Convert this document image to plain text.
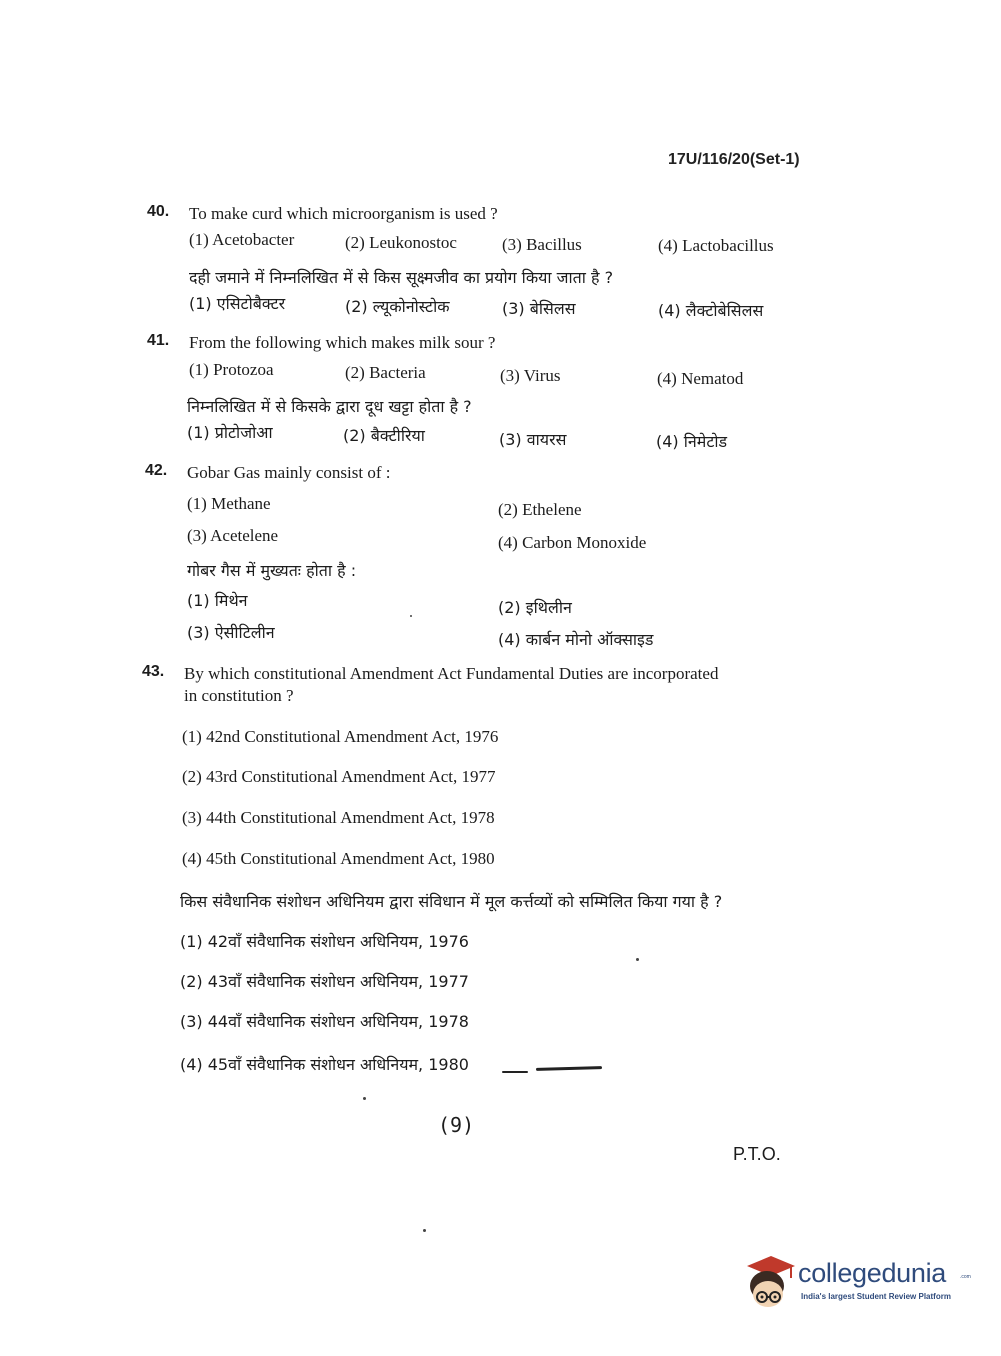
17U/116/20(Set-1)
40. To make curd which microorganism is used ?
(1) Acetobacter	(2) Leukonostoc	(3) Bacillus	(4) Lactobacillus
दही जमाने में निम्नलिखित में से किस सूक्ष्मजीव का प्रयोग किया जाता है ?
(1) एसिटोबैक्टर	(2) ल्यूकोनोस्टोक	(3) बेसिलस	(4) लैक्टोबेसिलस
41. From the following which makes milk sour ?
(1) Protozoa	(2) Bacteria	(3) Virus	(4) Nematod
निम्नलिखित में से किसके द्वारा दूध खट्टा होता है ?
(1) प्रोटोजोआ	(2) बैक्टीरिया	(3) वायरस	(4) निमेटोड
42. Gobar Gas mainly consist of :
(1) Methane	(2) Ethelene
(3) Acetelene	(4) Carbon Monoxide
गोबर गैस में मुख्यतः होता है :
(1) मिथेन	(2) इथिलीन
(3) ऐसीटिलीन	(4) कार्बन मोनो ऑक्साइड
43. By which constitutional Amendment Act Fundamental Duties are incorporated
in constitution ?
(1) 42nd Constitutional Amendment Act, 1976
(2) 43rd Constitutional Amendment Act, 1977
(3) 44th Constitutional Amendment Act, 1978
(4) 45th Constitutional Amendment Act, 1980
किस संवैधानिक संशोधन अधिनियम द्वारा संविधान में मूल कर्त्तव्यों को सम्मिलित किया गया है ?
(1) 42वाँ संवैधानिक संशोधन अधिनियम, 1976
(2) 43वाँ संवैधानिक संशोधन अधिनियम, 1977
(3) 44वाँ संवैधानिक संशोधन अधिनियम, 1978
(4) 45वाँ संवैधानिक संशोधन अधिनियम, 1980
(9)
P.T.O.
collegedunia	.com
India's largest Student Review Platform
